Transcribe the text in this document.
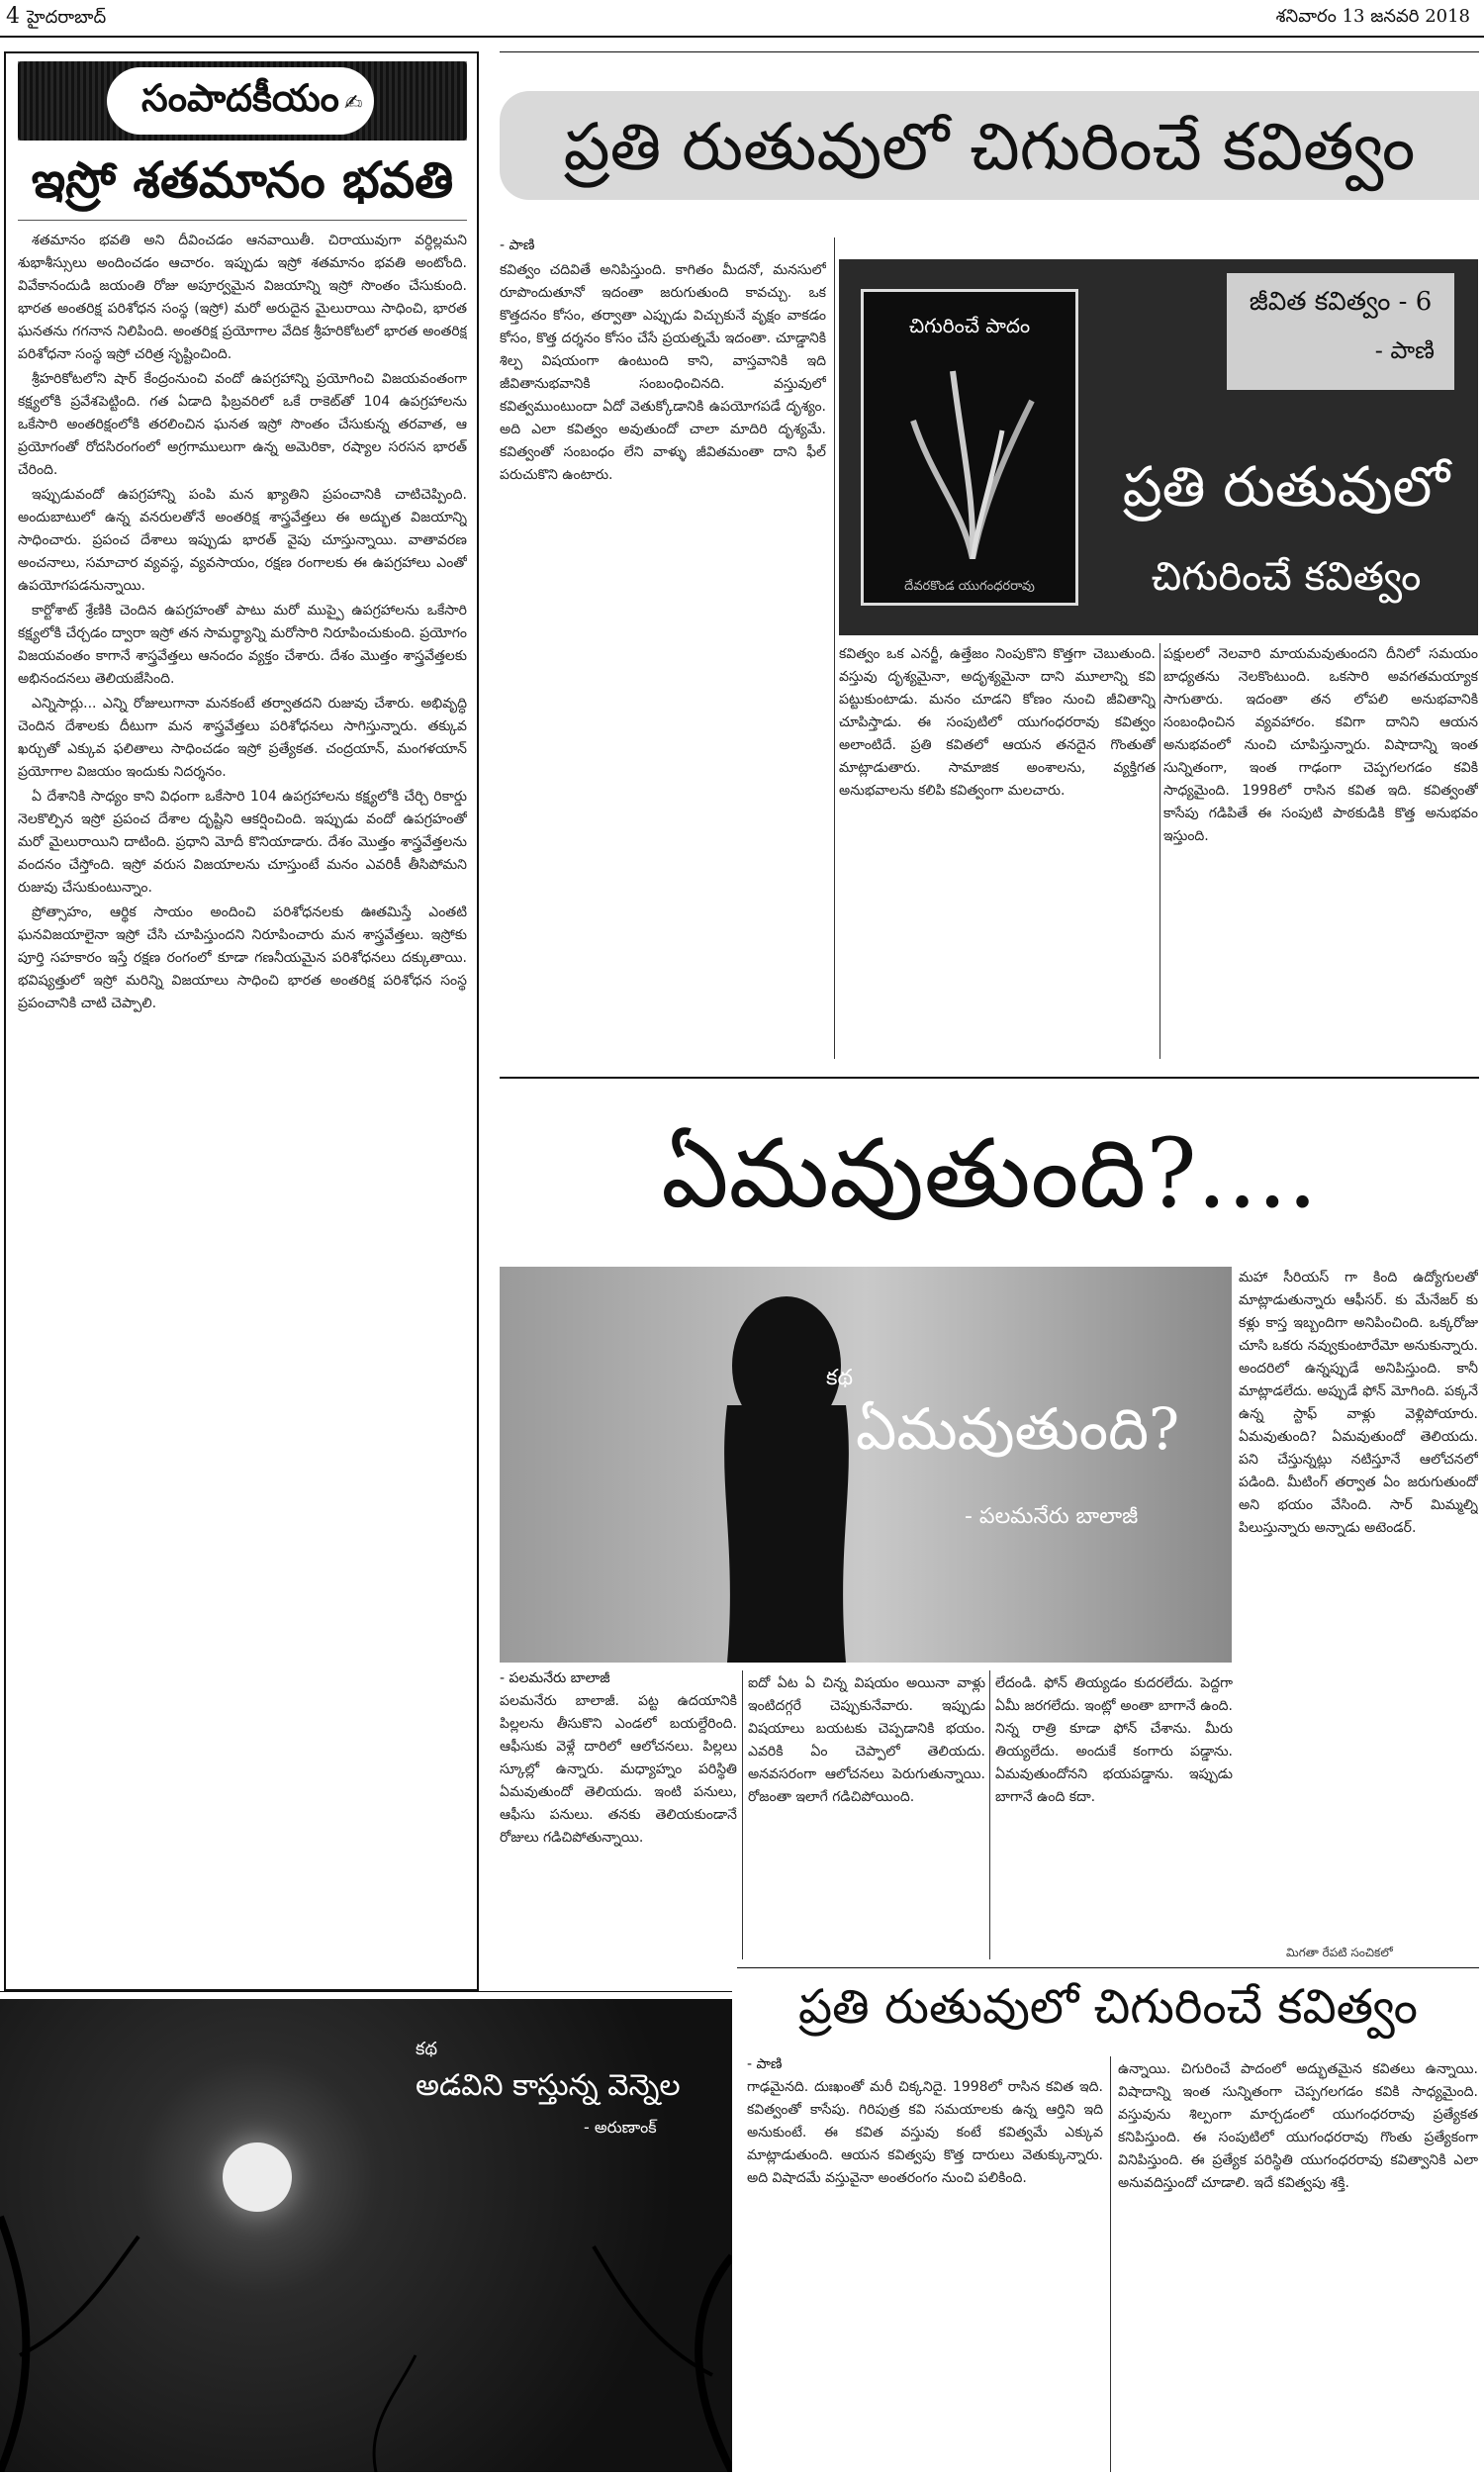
4 హైదరాబాద్	శనివారం 13 జనవరి 2018
సంపాదకీయం ✍
ఇస్రో శతమానం భవతి

శతమానం భవతి అని దీవించడం ఆనవాయితీ. చిరాయువుగా వర్ధిల్లమని శుభాశీస్సులు అందించడం ఆచారం. ఇప్పుడు ఇస్రో శతమానం భవతి అంటోంది. వివేకానందుడి జయంతి రోజు అపూర్వమైన విజయాన్ని ఇస్రో సొంతం చేసుకుంది. భారత అంతరిక్ష పరిశోధన సంస్థ (ఇస్రో) మరో అరుదైన మైలురాయి సాధించి, భారత ఘనతను గగనాన నిలిపింది. అంతరిక్ష ప్రయోగాల వేదిక శ్రీహరికోటలో భారత అంతరిక్ష పరిశోధనా సంస్థ ఇస్రో చరిత్ర సృష్టించింది.

శ్రీహరికోటలోని షార్ కేంద్రంనుంచి వందో ఉపగ్రహాన్ని ప్రయోగించి విజయవంతంగా కక్ష్యలోకి ప్రవేశపెట్టింది. గత ఏడాది ఫిబ్రవరిలో ఒకే రాకెట్‌తో 104 ఉపగ్రహాలను ఒకేసారి అంతరిక్షంలోకి తరలించిన ఘనత ఇస్రో సొంతం చేసుకున్న తరవాత, ఆ ప్రయోగంతో రోదసిరంగంలో అగ్రగాములుగా ఉన్న అమెరికా, రష్యాల సరసన భారత్ చేరింది.

ఇప్పుడువందో ఉపగ్రహాన్ని పంపి మన ఖ్యాతిని ప్రపంచానికి చాటిచెప్పింది. అందుబాటులో ఉన్న వనరులతోనే అంతరిక్ష శాస్త్రవేత్తలు ఈ అద్భుత విజయాన్ని సాధించారు. ప్రపంచ దేశాలు ఇప్పుడు భారత్ వైపు చూస్తున్నాయి. వాతావరణ అంచనాలు, సమాచార వ్యవస్థ, వ్యవసాయం, రక్షణ రంగాలకు ఈ ఉపగ్రహాలు ఎంతో ఉపయోగపడనున్నాయి.

కార్టోశాట్ శ్రేణికి చెందిన ఉపగ్రహంతో పాటు మరో ముప్పై ఉపగ్రహాలను ఒకేసారి కక్ష్యలోకి చేర్చడం ద్వారా ఇస్రో తన సామర్థ్యాన్ని మరోసారి నిరూపించుకుంది. ప్రయోగం విజయవంతం కాగానే శాస్త్రవేత్తలు ఆనందం వ్యక్తం చేశారు. దేశం మొత్తం శాస్త్రవేత్తలకు అభినందనలు తెలియజేసింది.

ఎన్నిసార్లు... ఎన్ని రోజులుగానా మనకంటే తర్వాతదని రుజువు చేశారు. అభివృద్ధి చెందిన దేశాలకు దీటుగా మన శాస్త్రవేత్తలు పరిశోధనలు సాగిస్తున్నారు. తక్కువ ఖర్చుతో ఎక్కువ ఫలితాలు సాధించడం ఇస్రో ప్రత్యేకత. చంద్రయాన్, మంగళయాన్ ప్రయోగాల విజయం ఇందుకు నిదర్శనం.

ఏ దేశానికి సాధ్యం కాని విధంగా ఒకేసారి 104 ఉపగ్రహాలను కక్ష్యలోకి చేర్చి రికార్డు నెలకొల్పిన ఇస్రో ప్రపంచ దేశాల దృష్టిని ఆకర్షించింది. ఇప్పుడు వందో ఉపగ్రహంతో మరో మైలురాయిని దాటింది. ప్రధాని మోదీ కొనియాడారు. దేశం మొత్తం శాస్త్రవేత్తలను వందనం చేస్తోంది. ఇస్రో వరుస విజయాలను చూస్తుంటే మనం ఎవరికీ తీసిపోమని రుజువు చేసుకుంటున్నాం.

ప్రోత్సాహం, ఆర్థిక సాయం అందించి పరిశోధనలకు ఊతమిస్తే ఎంతటి ఘనవిజయాలైనా ఇస్రో చేసి చూపిస్తుందని నిరూపించారు మన శాస్త్రవేత్తలు. ఇస్రోకు పూర్తి సహకారం ఇస్తే రక్షణ రంగంలో కూడా గణనీయమైన పరిశోధనలు దక్కుతాయి. భవిష్యత్తులో ఇస్రో మరిన్ని విజయాలు సాధించి భారత అంతరిక్ష పరిశోధన సంస్థ ప్రపంచానికి చాటి చెప్పాలి.

ప్రతి రుతువులో చిగురించే కవిత్వం
- పాణి
కవిత్వం చదివితే అనిపిస్తుంది. కాగితం మీదనో, మనసులో రూపొందుతూనో ఇదంతా జరుగుతుంది కావచ్చు. ఒక కొత్తదనం కోసం, తర్వాతా ఎప్పుడు విచ్చుకునే వృక్షం వాకడం కోసం, కొత్త దర్శనం కోసం చేసే ప్రయత్నమే ఇదంతా. చూడ్డానికి శిల్ప విషయంగా ఉంటుంది కాని, వాస్తవానికి ఇది జీవితానుభవానికి సంబంధించినది. వస్తువులో కవిత్వముంటుందా ఏదో వెతుక్కోడానికి ఉపయోగపడే దృశ్యం. అది ఎలా కవిత్వం అవుతుందో చాలా మాదిరి దృశ్యమే. కవిత్వంతో సంబంధం లేని వాళ్ళు జీవితమంతా దాని ఫీల్ పరుచుకొని ఉంటారు.
చిగురించే పాదం
దేవరకొండ యుగంధరరావు
జీవిత కవిత్వం - 6
- పాణి
ప్రతి రుతువులో
చిగురించే కవిత్వం
కవిత్వం ఒక ఎనర్జీ, ఉత్తేజం నింపుకొని కొత్తగా చెబుతుంది. వస్తువు దృశ్యమైనా, అదృశ్యమైనా దాని మూలాన్ని కవి పట్టుకుంటాడు. మనం చూడని కోణం నుంచి జీవితాన్ని చూపిస్తాడు. ఈ సంపుటిలో యుగంధరరావు కవిత్వం అలాంటిదే. ప్రతి కవితలో ఆయన తనదైన గొంతుతో మాట్లాడుతారు. సామాజిక అంశాలను, వ్యక్తిగత అనుభవాలను కలిపి కవిత్వంగా మలచారు.
పక్షులలో నెలవారి మాయమవుతుందని దీనిలో సమయం బాధ్యతను నెలకొంటుంది. ఒకసారి అవగతమయ్యాక సాగుతారు. ఇదంతా తన లోపలి అనుభవానికి సంబంధించిన వ్యవహారం. కవిగా దానిని ఆయన అనుభవంలో నుంచి చూపిస్తున్నారు. విషాదాన్ని ఇంత సున్నితంగా, ఇంత గాఢంగా చెప్పగలగడం కవికి సాధ్యమైంది. 1998లో రాసిన కవిత ఇది. కవిత్వంతో కాసేపు గడిపితే ఈ సంపుటి పాఠకుడికి కొత్త అనుభవం ఇస్తుంది.
ఏమవుతుంది?....
కథ
ఏమవుతుంది?
- పలమనేరు బాలాజీ
మహా సీరియస్ గా కింది ఉద్యోగులతో మాట్లాడుతున్నారు ఆఫీసర్. కు మేనేజర్ కు కళ్లు కాస్త ఇబ్బందిగా అనిపించింది. ఒక్కరోజు చూసి ఒకరు నవ్వుకుంటారేమో అనుకున్నారు. అందరిలో ఉన్నప్పుడే అనిపిస్తుంది. కానీ మాట్లాడలేదు. అప్పుడే ఫోన్ మోగింది. పక్కనే ఉన్న స్టాఫ్ వాళ్లు వెళ్లిపోయారు. ఏమవుతుంది? ఏమవుతుందో తెలియదు. పని చేస్తున్నట్లు నటిస్తూనే ఆలోచనలో పడింది. మీటింగ్ తర్వాత ఏం జరుగుతుందో అని భయం వేసింది. సార్ మిమ్మల్ని పిలుస్తున్నారు అన్నాడు అటెండర్.
- పలమనేరు బాలాజీ
పలమనేరు బాలాజీ. పట్ట ఉదయానికి పిల్లలను తీసుకొని ఎండలో బయల్దేరింది. ఆఫీసుకు వెళ్లే దారిలో ఆలోచనలు. పిల్లలు స్కూల్లో ఉన్నారు. మధ్యాహ్నం పరిస్థితి ఏమవుతుందో తెలియదు. ఇంటి పనులు, ఆఫీసు పనులు. తనకు తెలియకుండానే రోజులు గడిచిపోతున్నాయి.
ఐదో ఏట ఏ చిన్న విషయం అయినా వాళ్లు ఇంటిదగ్గరే చెప్పుకునేవారు. ఇప్పుడు విషయాలు బయటకు చెప్పడానికి భయం. ఎవరికి ఏం చెప్పాలో తెలియదు. అనవసరంగా ఆలోచనలు పెరుగుతున్నాయి. రోజంతా ఇలాగే గడిచిపోయింది.
లేదండి. ఫోన్ తియ్యడం కుదరలేదు. పెద్దగా ఏమీ జరగలేదు. ఇంట్లో అంతా బాగానే ఉంది. నిన్న రాత్రి కూడా ఫోన్ చేశాను. మీరు తియ్యలేదు. అందుకే కంగారు పడ్డాను. ఏమవుతుందోనని భయపడ్డాను. ఇప్పుడు బాగానే ఉంది కదా.
మిగతా రేపటి సంచికలో
కథ
అడవిని కాస్తున్న వెన్నెల
- అరుణాంక్
ప్రతి రుతువులో చిగురించే కవిత్వం
- పాణి
గాఢమైనది. దుఃఖంతో మరీ చిక్కనిదై. 1998లో రాసిన కవిత ఇది. కవిత్వంతో కాసేపు. గిరిపుత్ర కవి సమయాలకు ఉన్న ఆర్తిని ఇది అనుకుంటే. ఈ కవిత వస్తువు కంటే కవిత్వమే ఎక్కువ మాట్లాడుతుంది. ఆయన కవిత్వపు కొత్త దారులు వెతుక్కున్నారు. అది విషాదమే వస్తువైనా అంతరంగం నుంచి పలికింది.
ఉన్నాయి. చిగురించే పాదంలో అద్భుతమైన కవితలు ఉన్నాయి. విషాదాన్ని ఇంత సున్నితంగా చెప్పగలగడం కవికి సాధ్యమైంది. వస్తువును శిల్పంగా మార్చడంలో యుగంధరరావు ప్రత్యేకత కనిపిస్తుంది. ఈ సంపుటిలో యుగంధరరావు గొంతు ప్రత్యేకంగా వినిపిస్తుంది. ఈ ప్రత్యేక పరిస్థితి యుగంధరరావు కవిత్వానికి ఎలా అనువదిస్తుందో చూడాలి. ఇదే కవిత్వపు శక్తి.
